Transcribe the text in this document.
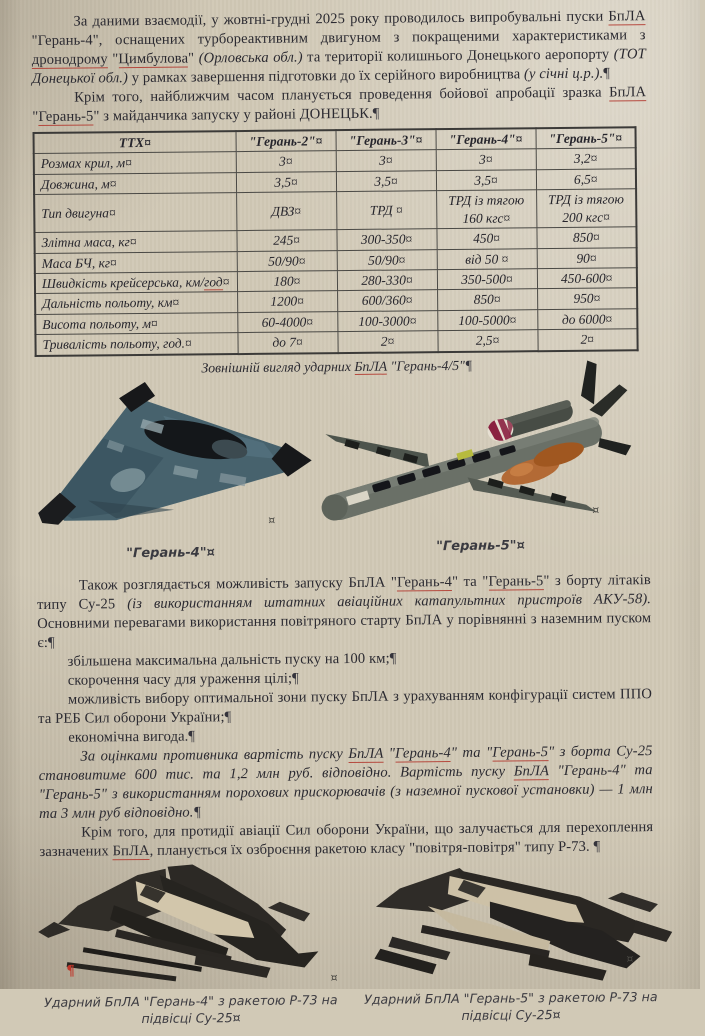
За даними взаємодії, у жовтні-грудні 2025 року проводилось випробувальні пуски БпЛА "Герань-4", оснащених турбореактивним двигуном з покращеними характеристиками з дронодрому "Цимбулова" (Орловська обл.) та території колишнього Донецького аеропорту (ТОТ Донецької обл.) у рамках завершення підготовки до їх серійного виробництва (у січні ц.р.).¶

Крім того, найближчим часом планується проведення бойової апробації зразка БпЛА "Герань-5" з майданчика запуску у районі ДОНЕЦЬК.¶

ТТХ¤	"Герань-2"¤	"Герань-3"¤	"Герань-4"¤	"Герань-5"¤
Розмах крил, м¤	3¤	3¤	3¤	3,2¤
Довжина, м¤	3,5¤	3,5¤	3,5¤	6,5¤
Тип двигуна¤	ДВЗ¤	ТРД ¤	ТРД із тягою 160 кгс¤	ТРД із тягою 200 кгс¤
Злітна маса, кг¤	245¤	300-350¤	450¤	850¤
Маса БЧ, кг¤	50/90¤	50/90¤	від 50 ¤	90¤
Швидкість крейсерська, км/год¤	180¤	280-330¤	350-500¤	450-600¤
Дальність польоту, км¤	1200¤	600/360¤	850¤	950¤
Висота польоту, м¤	60-4000¤	100-3000¤	100-5000¤	до 6000¤
Тривалість польоту, год.¤	до 7¤	2¤	2,5¤	2¤

Зовнішній вигляд ударних БпЛА "Герань-4/5"¶

"Герань-4"¤	"Герань-5"¤
¤
¤

Також розглядається можливість запуску БпЛА "Герань-4" та "Герань-5" з борту літаків типу Су-25 (із використанням штатних авіаційних катапультних пристроїв АКУ-58). Основними перевагами використання повітряного старту БпЛА у порівнянні з наземним пуском є:¶

збільшена максимальна дальність пуску на 100 км;¶

скорочення часу для ураження цілі;¶

можливість вибору оптимальної зони пуску БпЛА з урахуванням конфігурації систем ППО та РЕБ Сил оборони України;¶

економічна вигода.¶

За оцінками противника вартість пуску БпЛА "Герань-4" та "Герань-5" з борта Су-25 становитиме 600 тис. та 1,2 млн руб. відповідно. Вартість пуску БпЛА "Герань-4" та "Герань-5" з використанням порохових прискорювачів (з наземної пускової установки) — 1 млн та 3 млн руб відповідно.¶

Крім того, для протидії авіації Сил оборони України, що залучається для перехоплення зазначених БпЛА, планується їх озброєння ракетою класу "повітря-повітря" типу Р-73. ¶

¤
¤
Ударний БпЛА "Герань-4" з ракетою Р-73 на підвісці Су-25¤
Ударний БпЛА "Герань-5" з ракетою Р-73 на підвісці Су-25¤
¶
